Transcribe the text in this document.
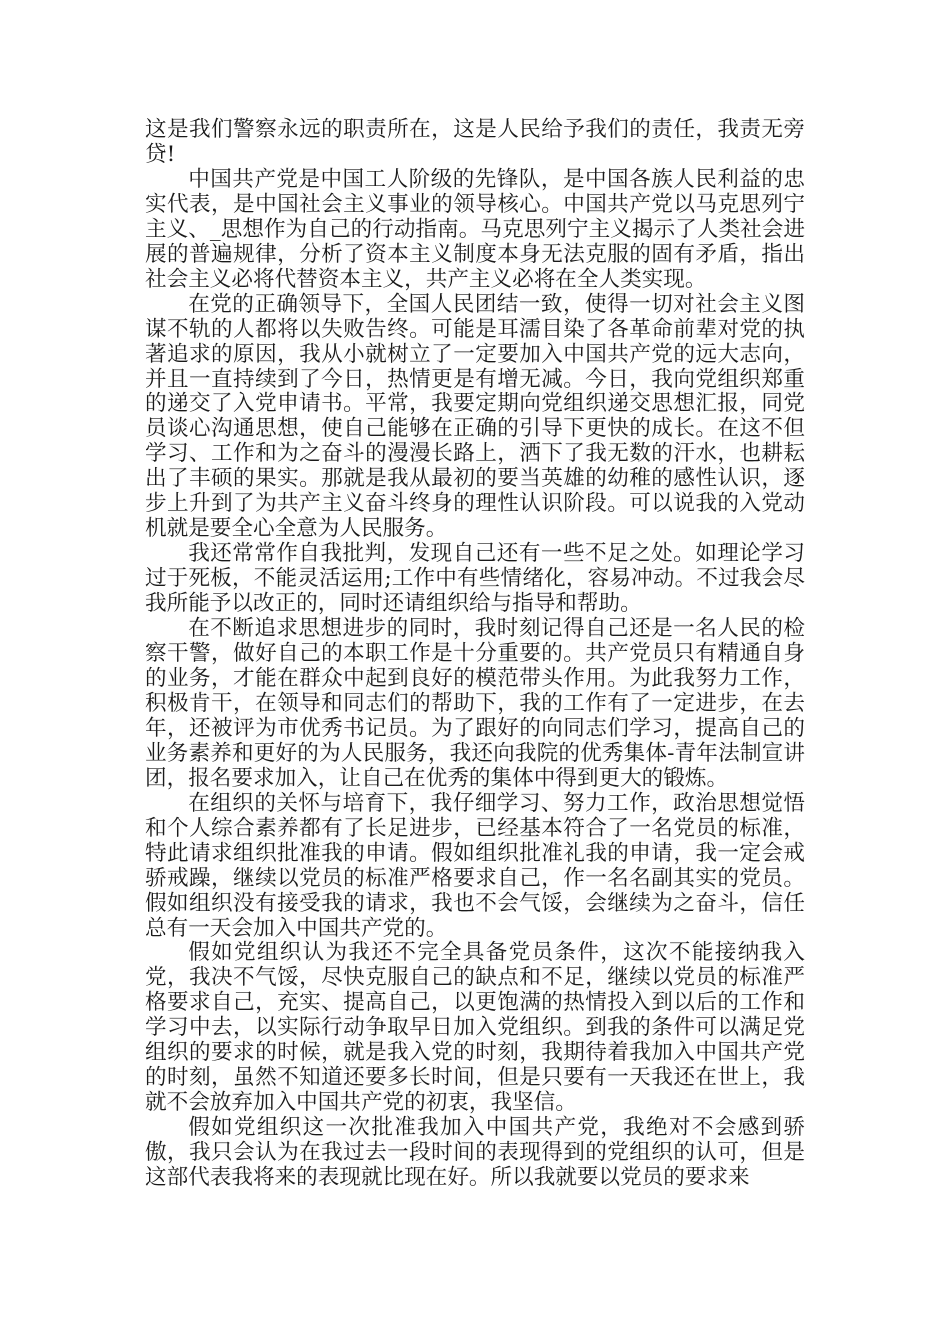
这是我们警察永远的职责所在，这是人民给予我们的责任，我责无旁贷!

中国共产党是中国工人阶级的先锋队，是中国各族人民利益的忠实代表，是中国社会主义事业的领导核心。中国共产党以马克思列宁主义、_思想作为自己的行动指南。马克思列宁主义揭示了人类社会进展的普遍规律，分析了资本主义制度本身无法克服的固有矛盾，指出社会主义必将代替资本主义，共产主义必将在全人类实现。

在党的正确领导下，全国人民团结一致，使得一切对社会主义图谋不轨的人都将以失败告终。可能是耳濡目染了各革命前辈对党的执著追求的原因，我从小就树立了一定要加入中国共产党的远大志向，并且一直持续到了今日，热情更是有增无减。今日，我向党组织郑重的递交了入党申请书。平常，我要定期向党组织递交思想汇报，同党员谈心沟通思想，使自己能够在正确的引导下更快的成长。在这不但学习、工作和为之奋斗的漫漫长路上，洒下了我无数的汗水，也耕耘出了丰硕的果实。那就是我从最初的要当英雄的幼稚的感性认识，逐步上升到了为共产主义奋斗终身的理性认识阶段。可以说我的入党动机就是要全心全意为人民服务。

我还常常作自我批判，发现自己还有一些不足之处。如理论学习过于死板，不能灵活运用;工作中有些情绪化，容易冲动。不过我会尽我所能予以改正的，同时还请组织给与指导和帮助。

在不断追求思想进步的同时，我时刻记得自己还是一名人民的检察干警，做好自己的本职工作是十分重要的。共产党员只有精通自身的业务，才能在群众中起到良好的模范带头作用。为此我努力工作，积极肯干，在领导和同志们的帮助下，我的工作有了一定进步，在去年，还被评为市优秀书记员。为了跟好的向同志们学习，提高自己的业务素养和更好的为人民服务，我还向我院的优秀集体-青年法制宣讲团，报名要求加入，让自己在优秀的集体中得到更大的锻炼。

在组织的关怀与培育下，我仔细学习、努力工作，政治思想觉悟和个人综合素养都有了长足进步，已经基本符合了一名党员的标准，特此请求组织批准我的申请。假如组织批准礼我的申请，我一定会戒骄戒躁，继续以党员的标准严格要求自己，作一名名副其实的党员。假如组织没有接受我的请求，我也不会气馁，会继续为之奋斗，信任总有一天会加入中国共产党的。

假如党组织认为我还不完全具备党员条件，这次不能接纳我入党，我决不气馁，尽快克服自己的缺点和不足，继续以党员的标准严格要求自己，充实、提高自己，以更饱满的热情投入到以后的工作和学习中去，以实际行动争取早日加入党组织。到我的条件可以满足党组织的要求的时候，就是我入党的时刻，我期待着我加入中国共产党的时刻，虽然不知道还要多长时间，但是只要有一天我还在世上，我就不会放弃加入中国共产党的初衷，我坚信。

假如党组织这一次批准我加入中国共产党，我绝对不会感到骄傲，我只会认为在我过去一段时间的表现得到的党组织的认可，但是这部代表我将来的表现就比现在好。所以我就要以党员的要求来
